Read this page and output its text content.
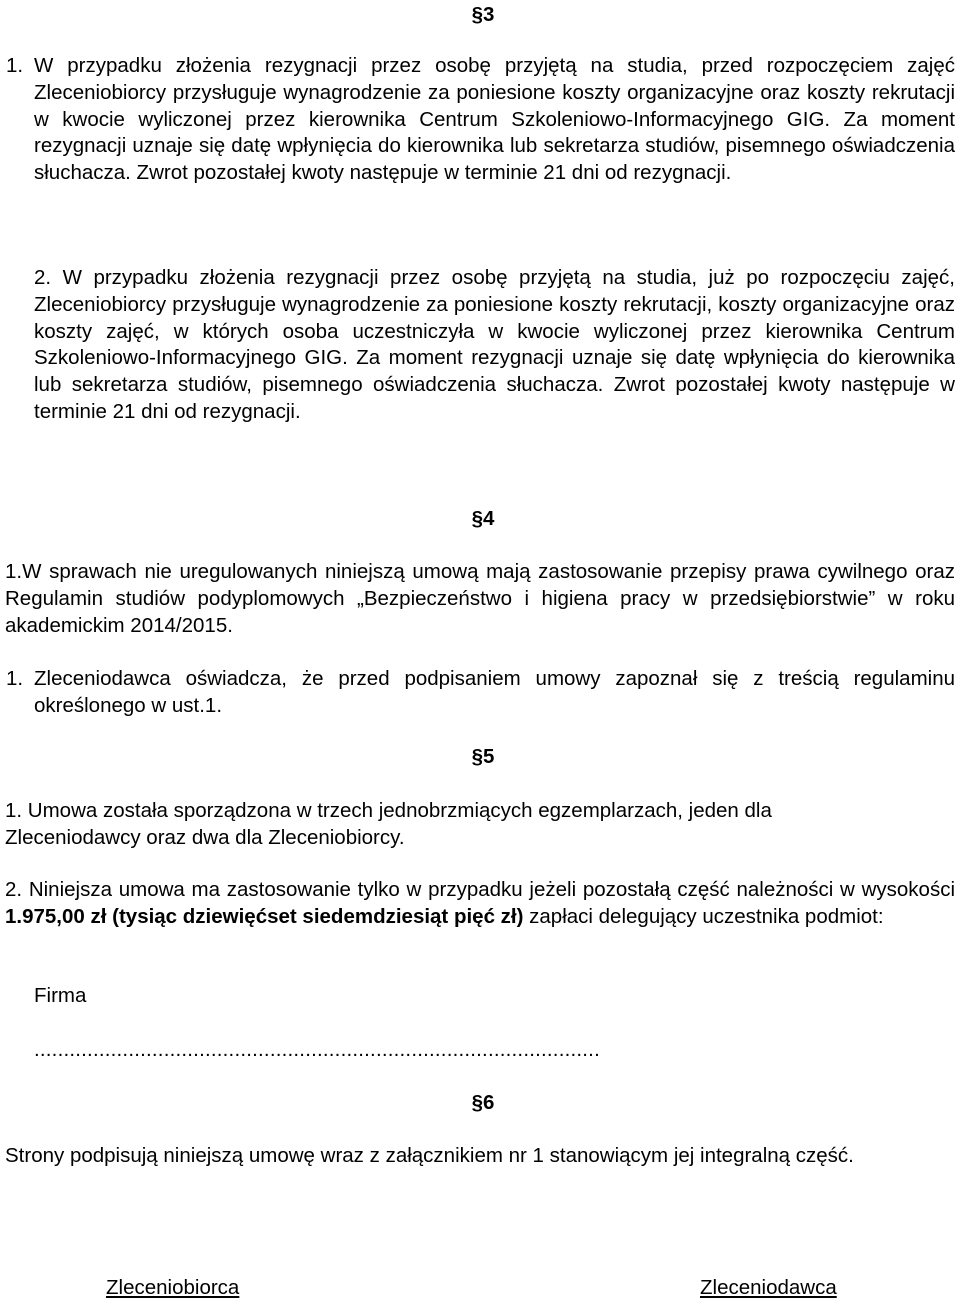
§3
1. W przypadku złożenia rezygnacji przez osobę przyjętą na studia, przed rozpoczęciem zajęć Zleceniobiorcy przysługuje wynagrodzenie za poniesione koszty organizacyjne oraz koszty rekrutacji w kwocie wyliczonej przez kierownika Centrum Szkoleniowo-Informacyjnego GIG. Za moment rezygnacji uznaje się datę wpłynięcia do kierownika lub sekretarza studiów, pisemnego oświadczenia słuchacza. Zwrot pozostałej kwoty następuje w terminie 21 dni od rezygnacji.
2. W przypadku złożenia rezygnacji przez osobę przyjętą na studia, już po rozpoczęciu zajęć, Zleceniobiorcy przysługuje wynagrodzenie za poniesione koszty rekrutacji, koszty organizacyjne oraz koszty zajęć, w których osoba uczestniczyła w kwocie wyliczonej przez kierownika Centrum Szkoleniowo-Informacyjnego GIG. Za moment rezygnacji uznaje się datę wpłynięcia do kierownika lub sekretarza studiów, pisemnego oświadczenia słuchacza. Zwrot pozostałej kwoty następuje w terminie 21 dni od rezygnacji.
§4
1.W sprawach nie uregulowanych niniejszą umową mają zastosowanie przepisy prawa cywilnego oraz Regulamin studiów podyplomowych „Bezpieczeństwo i higiena pracy w przedsiębiorstwie” w roku akademickim 2014/2015.
1. Zleceniodawca oświadcza, że przed podpisaniem umowy zapoznał się z treścią regulaminu określonego w ust.1.
§5
1. Umowa została sporządzona w trzech jednobrzmiących egzemplarzach, jeden dla Zleceniodawcy oraz dwa dla Zleceniobiorcy.
2. Niniejsza umowa ma zastosowanie tylko w przypadku jeżeli pozostałą część należności w wysokości 1.975,00 zł (tysiąc dziewięćset siedemdziesiąt pięć zł) zapłaci delegujący uczestnika podmiot:
Firma
................................................................................................
§6
Strony podpisują niniejszą umowę wraz z załącznikiem nr 1 stanowiącym jej integralną część.
Zleceniobiorca	Zleceniodawca
